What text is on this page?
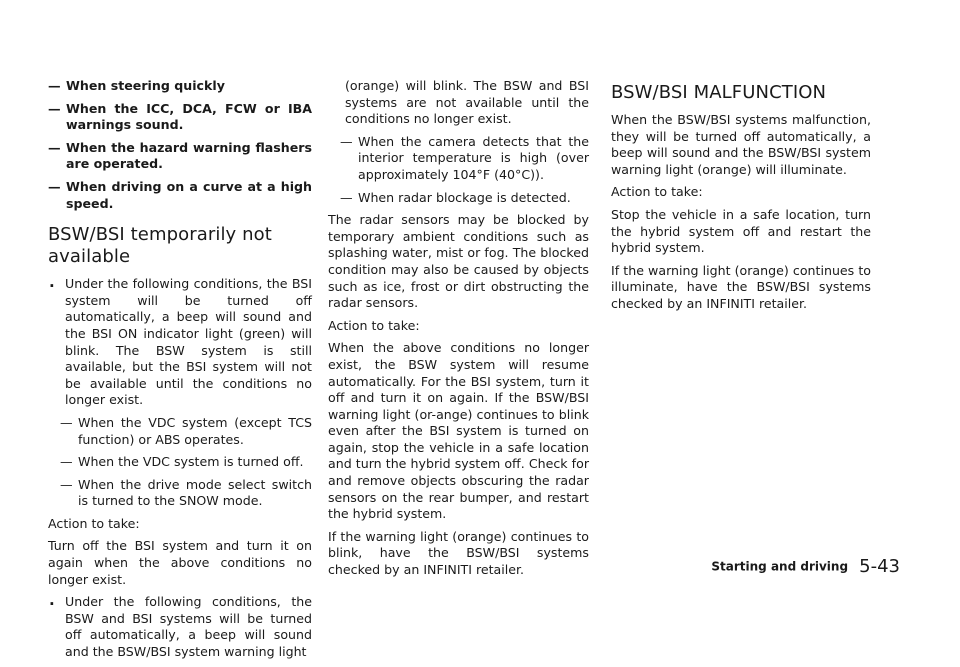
— When steering quickly
— When the ICC, DCA, FCW or IBA warnings sound.
— When the hazard warning flashers are operated.
— When driving on a curve at a high speed.
BSW/BSI temporarily not available
. Under the following conditions, the BSI system will be turned off automatically, a beep will sound and the BSI ON indicator light (green) will blink. The BSW system is still available, but the BSI system will not be available until the conditions no longer exist.
— When the VDC system (except TCS function) or ABS operates.
— When the VDC system is turned off.
— When the drive mode select switch is turned to the SNOW mode.

Action to take:

Turn off the BSI system and turn it on again when the above conditions no longer exist.

. Under the following conditions, the BSW and BSI systems will be turned off automatically, a beep will sound and the BSW/BSI system warning light

(orange) will blink. The BSW and BSI systems are not available until the conditions no longer exist.

— When the camera detects that the interior temperature is high (over approximately 104°F (40°C)).
— When radar blockage is detected.

The radar sensors may be blocked by temporary ambient conditions such as splashing water, mist or fog. The blocked condition may also be caused by objects such as ice, frost or dirt obstructing the radar sensors.

Action to take:

When the above conditions no longer exist, the BSW system will resume automatically. For the BSI system, turn it off and turn it on again. If the BSW/BSI warning light (or-ange) continues to blink even after the BSI system is turned on again, stop the vehicle in a safe location and turn the hybrid system off. Check for and remove objects obscuring the radar sensors on the rear bumper, and restart the hybrid system.

If the warning light (orange) continues to blink, have the BSW/BSI systems checked by an INFINITI retailer.

BSW/BSI MALFUNCTION

When the BSW/BSI systems malfunction, they will be turned off automatically, a beep will sound and the BSW/BSI system warning light (orange) will illuminate.

Action to take:

Stop the vehicle in a safe location, turn the hybrid system off and restart the hybrid system.

If the warning light (orange) continues to illuminate, have the BSW/BSI systems checked by an INFINITI retailer.

Starting and driving 5-43
